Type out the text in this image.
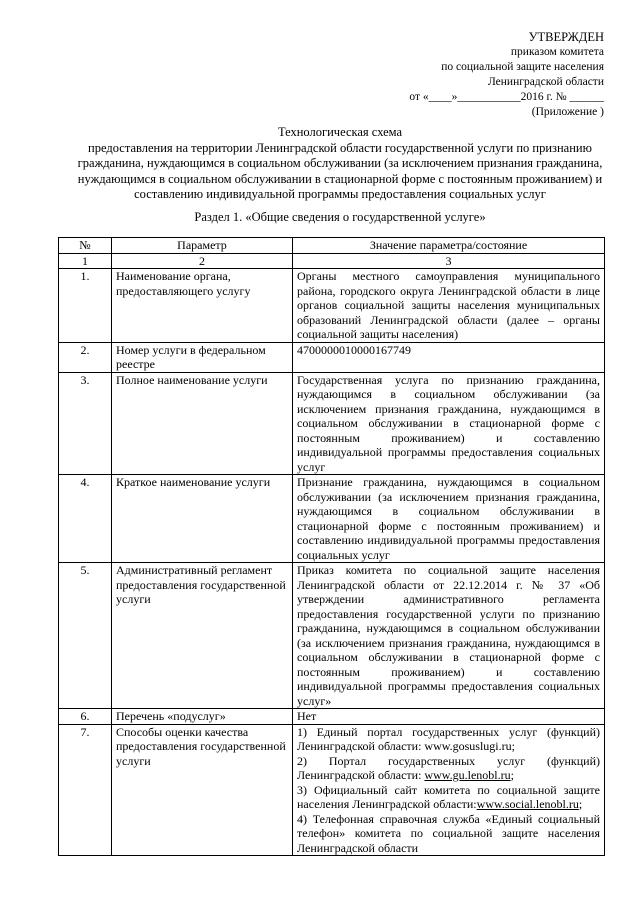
УТВЕРЖДЕН
приказом комитета
по социальной защите населения
Ленинградской области
от «____»___________2016 г. № ______
(Приложение )
Технологическая схема
предоставления на территории Ленинградской области государственной услуги по признанию гражданина, нуждающимся в социальном обслуживании (за исключением признания гражданина, нуждающимся в социальном обслуживании в стационарной форме с постоянным проживанием) и составлению индивидуальной программы предоставления социальных услуг
Раздел 1. «Общие сведения о государственной услуге»
№	Параметр	Значение параметра/состояние
1	2	3
1.	Наименование органа, предоставляющего услугу	Органы местного самоуправления муниципального района, городского округа Ленинградской области в лице органов социальной защиты населения муниципальных образований Ленинградской области (далее – органы социальной защиты населения)
2.	Номер услуги в федеральном реестре	4700000010000167749
3.	Полное наименование услуги	Государственная услуга по признанию гражданина, нуждающимся в социальном обслуживании (за исключением признания гражданина, нуждающимся в социальном обслуживании в стационарной форме с постоянным проживанием) и составлению индивидуальной программы предоставления социальных услуг
4.	Краткое наименование услуги	Признание гражданина, нуждающимся в социальном обслуживании (за исключением признания гражданина, нуждающимся в социальном обслуживании в стационарной форме с постоянным проживанием) и составлению индивидуальной программы предоставления социальных услуг
5.	Административный регламент предоставления государственной услуги	Приказ комитета по социальной защите населения Ленинградской области от 22.12.2014 г. № 37 «Об утверждении административного регламента предоставления государственной услуги по признанию гражданина, нуждающимся в социальном обслуживании (за исключением признания гражданина, нуждающимся в социальном обслуживании в стационарной форме с постоянным проживанием) и составлению индивидуальной программы предоставления социальных услуг»
6.	Перечень «подуслуг»	Нет
7.	Способы оценки качества предоставления государственной услуги	1) Единый портал государственных услуг (функций) Ленинградской области: www.gosuslugi.ru;
2) Портал государственных услуг (функций) Ленинградской области: www.gu.lenobl.ru;
3) Официальный сайт комитета по социальной защите населения Ленинградской области:www.social.lenobl.ru;
4) Телефонная справочная служба «Единый социальный телефон» комитета по социальной защите населения Ленинградской области
